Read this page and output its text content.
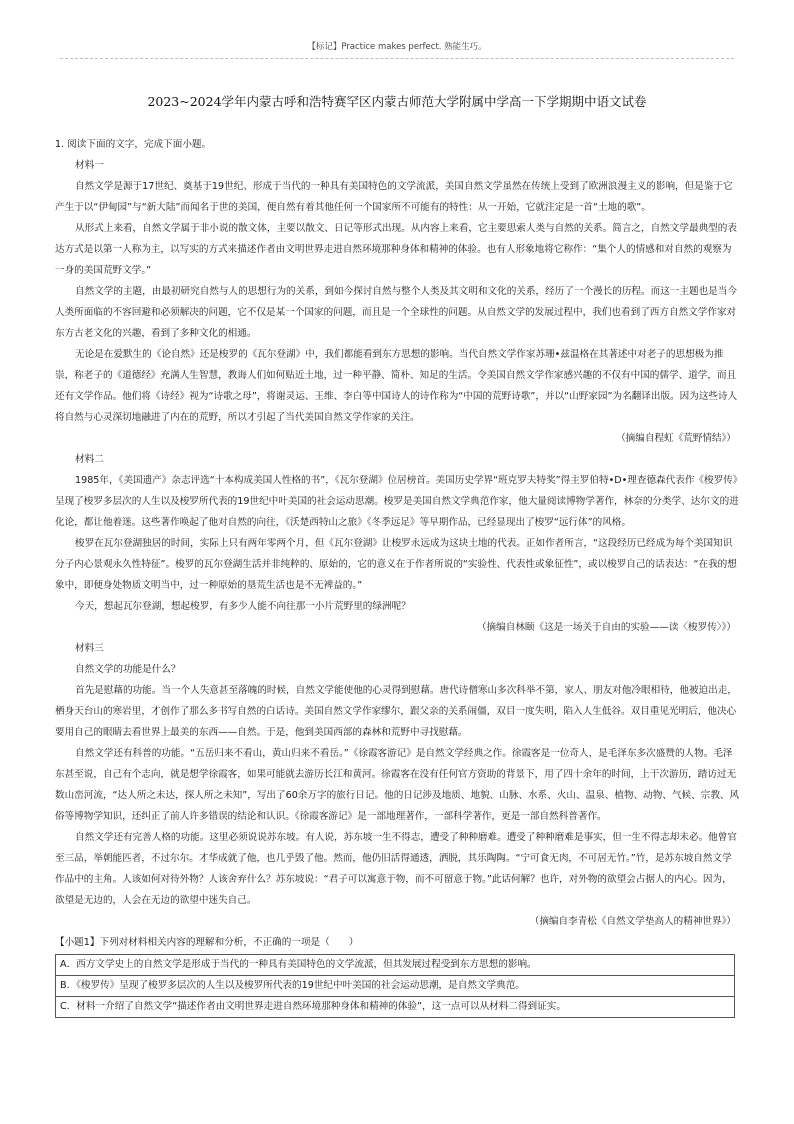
【标记】Practice makes perfect. 熟能生巧。
2023~2024学年内蒙古呼和浩特赛罕区内蒙古师范大学附属中学高一下学期期中语文试卷

1. 阅读下面的文字，完成下面小题。

材料一

自然文学是源于17世纪、奠基于19世纪、形成于当代的一种具有美国特色的文学流派，美国自然文学虽然在传统上受到了欧洲浪漫主义的影响，但是鉴于它产生于以“伊甸园”与“新大陆”而闻名于世的美国，便自然有着其他任何一个国家所不可能有的特性：从一开始，它就注定是一首“土地的歌”。

从形式上来看，自然文学属于非小说的散文体，主要以散文、日记等形式出现。从内容上来看，它主要思索人类与自然的关系。简言之，自然文学最典型的表达方式是以第一人称为主，以写实的方式来描述作者由文明世界走进自然环境那种身体和精神的体验。也有人形象地将它称作：“集个人的情感和对自然的观察为一身的美国荒野文学。”

自然文学的主题，由最初研究自然与人的思想行为的关系，到如今探讨自然与整个人类及其文明和文化的关系，经历了一个漫长的历程。而这一主题也是当今人类所面临的不容回避和必须解决的问题，它不仅是某一个国家的问题，而且是一个全球性的问题。从自然文学的发展过程中，我们也看到了西方自然文学作家对东方古老文化的兴趣，看到了多种文化的相通。

无论是在爱默生的《论自然》还是梭罗的《瓦尔登湖》中，我们都能看到东方思想的影响。当代自然文学作家苏珊•兹温格在其著述中对老子的思想极为推崇，称老子的《道德经》充满人生智慧，教诲人们如何贴近土地，过一种平静、简朴、知足的生活。令美国自然文学作家感兴趣的不仅有中国的儒学、道学，而且还有文学作品。他们将《诗经》视为“诗歌之母”，将谢灵运、王维、李白等中国诗人的诗作称为“中国的荒野诗歌”，并以“山野家园”为名翻译出版。因为这些诗人将自然与心灵深切地融进了内在的荒野，所以才引起了当代美国自然文学作家的关注。

（摘编自程虹《荒野情结》）

材料二

1985年，《美国遗产》杂志评选“十本构成美国人性格的书”，《瓦尔登湖》位居榜首。美国历史学界“班克罗夫特奖”得主罗伯特•D•理查德森代表作《梭罗传》呈现了梭罗多层次的人生以及梭罗所代表的19世纪中叶美国的社会运动思潮。梭罗是美国自然文学典范作家，他大量阅读博物学著作，林奈的分类学、达尔文的进化论，都让他着迷。这些著作唤起了他对自然的向往，《沃楚西特山之旅》《冬季远足》等早期作品，已经显现出了梭罗“远行体”的风格。

梭罗在瓦尔登湖独居的时间，实际上只有两年零两个月，但《瓦尔登湖》让梭罗永远成为这块土地的代表。正如作者所言，“这段经历已经成为每个美国知识分子内心景观永久性特征”。梭罗的瓦尔登湖生活并非纯粹的、原始的，它的意义在于作者所说的“实验性、代表性或象征性”，或以梭罗自己的话表达：“在我的想象中，即便身处物质文明当中，过一种原始的垦荒生活也是不无裨益的。”

今天，想起瓦尔登湖，想起梭罗，有多少人能不向往那一小片荒野里的绿洲呢？

（摘编自林颐《这是一场关于自由的实验——读〈梭罗传〉》）

材料三

自然文学的功能是什么？

首先是慰藉的功能。当一个人失意甚至落魄的时候，自然文学能使他的心灵得到慰藉。唐代诗僧寒山多次科举不第，家人、朋友对他冷眼相待，他被迫出走，栖身天台山的寒岩里，才创作了那么多书写自然的白话诗。美国自然文学作家缪尔，跟父亲的关系闹僵，双目一度失明，陷入人生低谷。双目重见光明后，他决心要用自己的眼睛去看世界上最美的东西——自然。于是，他到美国西部的森林和荒野中寻找慰藉。

自然文学还有科普的功能。“五岳归来不看山，黄山归来不看岳。”《徐霞客游记》是自然文学经典之作。徐霞客是一位奇人，是毛泽东多次盛赞的人物。毛泽东甚至说，自己有个志向，就是想学徐霞客，如果可能就去游历长江和黄河。徐霞客在没有任何官方资助的背景下，用了四十余年的时间，上干次游历，踏访过无数山峦河流，“达人所之未达，探人所之未知”，写出了60余万字的旅行日记。他的日记涉及地质、地貌、山脉、水系、火山、温泉、植物、动物、气候、宗教、风俗等博物学知识，还纠正了前人许多错误的结论和认识。《徐霞客游记》是一部地理著作，一部科学著作，更是一部自然科普著作。

自然文学还有完善人格的功能。这里必须说说苏东坡。有人说，苏东坡一生不得志，遭受了种种磨难。遭受了种种磨难是事实，但一生不得志却未必。他曾官至三品，举朝能匹者，不过尔尔。才华成就了他，也几乎毁了他。然而，他仍旧活得通透，洒脱，其乐陶陶。“宁可食无肉，不可居无竹。”竹，是苏东坡自然文学作品中的主角。人该如何对待外物？人该舍弃什么？苏东坡说：“君子可以寓意于物，而不可留意于物。”此话何解？也许，对外物的欲望会占据人的内心。因为，欲望是无边的，人会在无边的欲望中迷失自己。

（摘编自李青松《自然文学垫高人的精神世界》）

【小题1】下列对材料相关内容的理解和分析，不正确的一项是（　　）

A．西方文学史上的自然文学是形成于当代的一种具有美国特色的文学流派，但其发展过程受到东方思想的影响。
B．《梭罗传》呈现了梭罗多层次的人生以及梭罗所代表的19世纪中叶美国的社会运动思潮，是自然文学典范。
C．材料一介绍了自然文学“描述作者由文明世界走进自然环境那种身体和精神的体验”，这一点可以从材料二得到证实。
